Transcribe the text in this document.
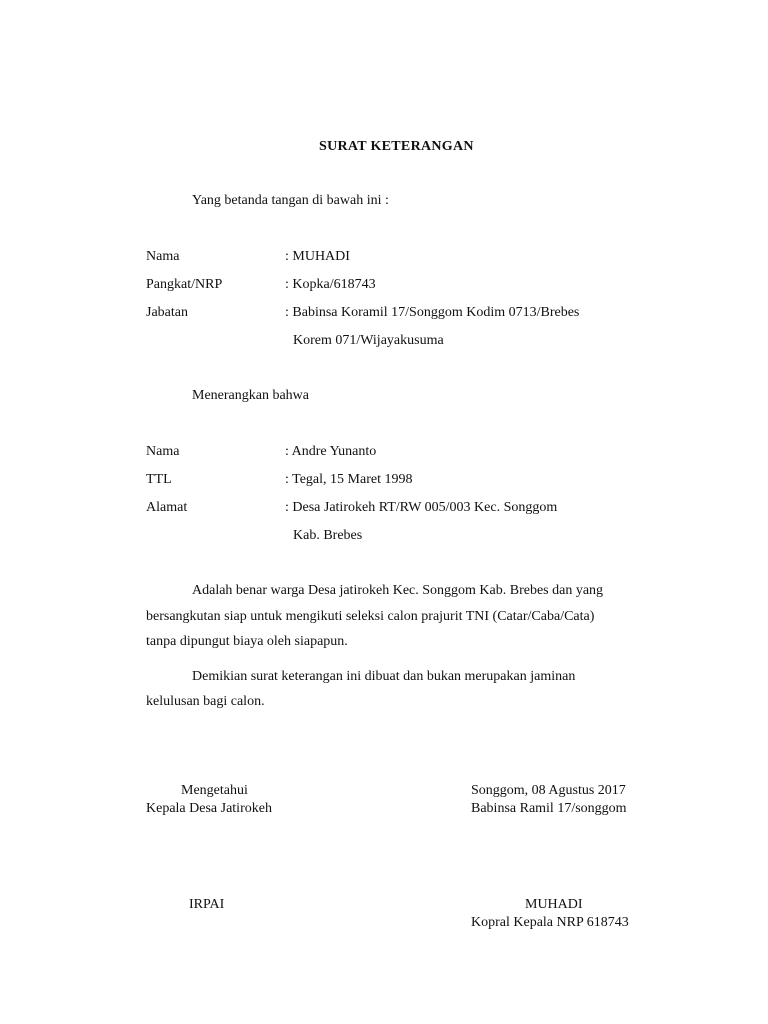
SURAT KETERANGAN
Yang betanda tangan di bawah ini :
Nama	: MUHADI
Pangkat/NRP	: Kopka/618743
Jabatan	: Babinsa Koramil 17/Songgom Kodim 0713/Brebes
Korem 071/Wijayakusuma
Menerangkan bahwa
Nama	: Andre Yunanto
TTL	: Tegal, 15 Maret 1998
Alamat	: Desa Jatirokeh RT/RW 005/003 Kec. Songgom
Kab. Brebes
Adalah benar warga Desa jatirokeh Kec. Songgom Kab. Brebes dan yang
bersangkutan siap untuk mengikuti seleksi calon prajurit TNI (Catar/Caba/Cata)
tanpa dipungut biaya oleh siapapun.
Demikian surat keterangan ini dibuat dan bukan merupakan jaminan
kelulusan bagi calon.
Mengetahui
Kepala Desa Jatirokeh
IRPAI
Songgom, 08 Agustus 2017
Babinsa Ramil 17/songgom
MUHADI
Kopral Kepala NRP 618743
